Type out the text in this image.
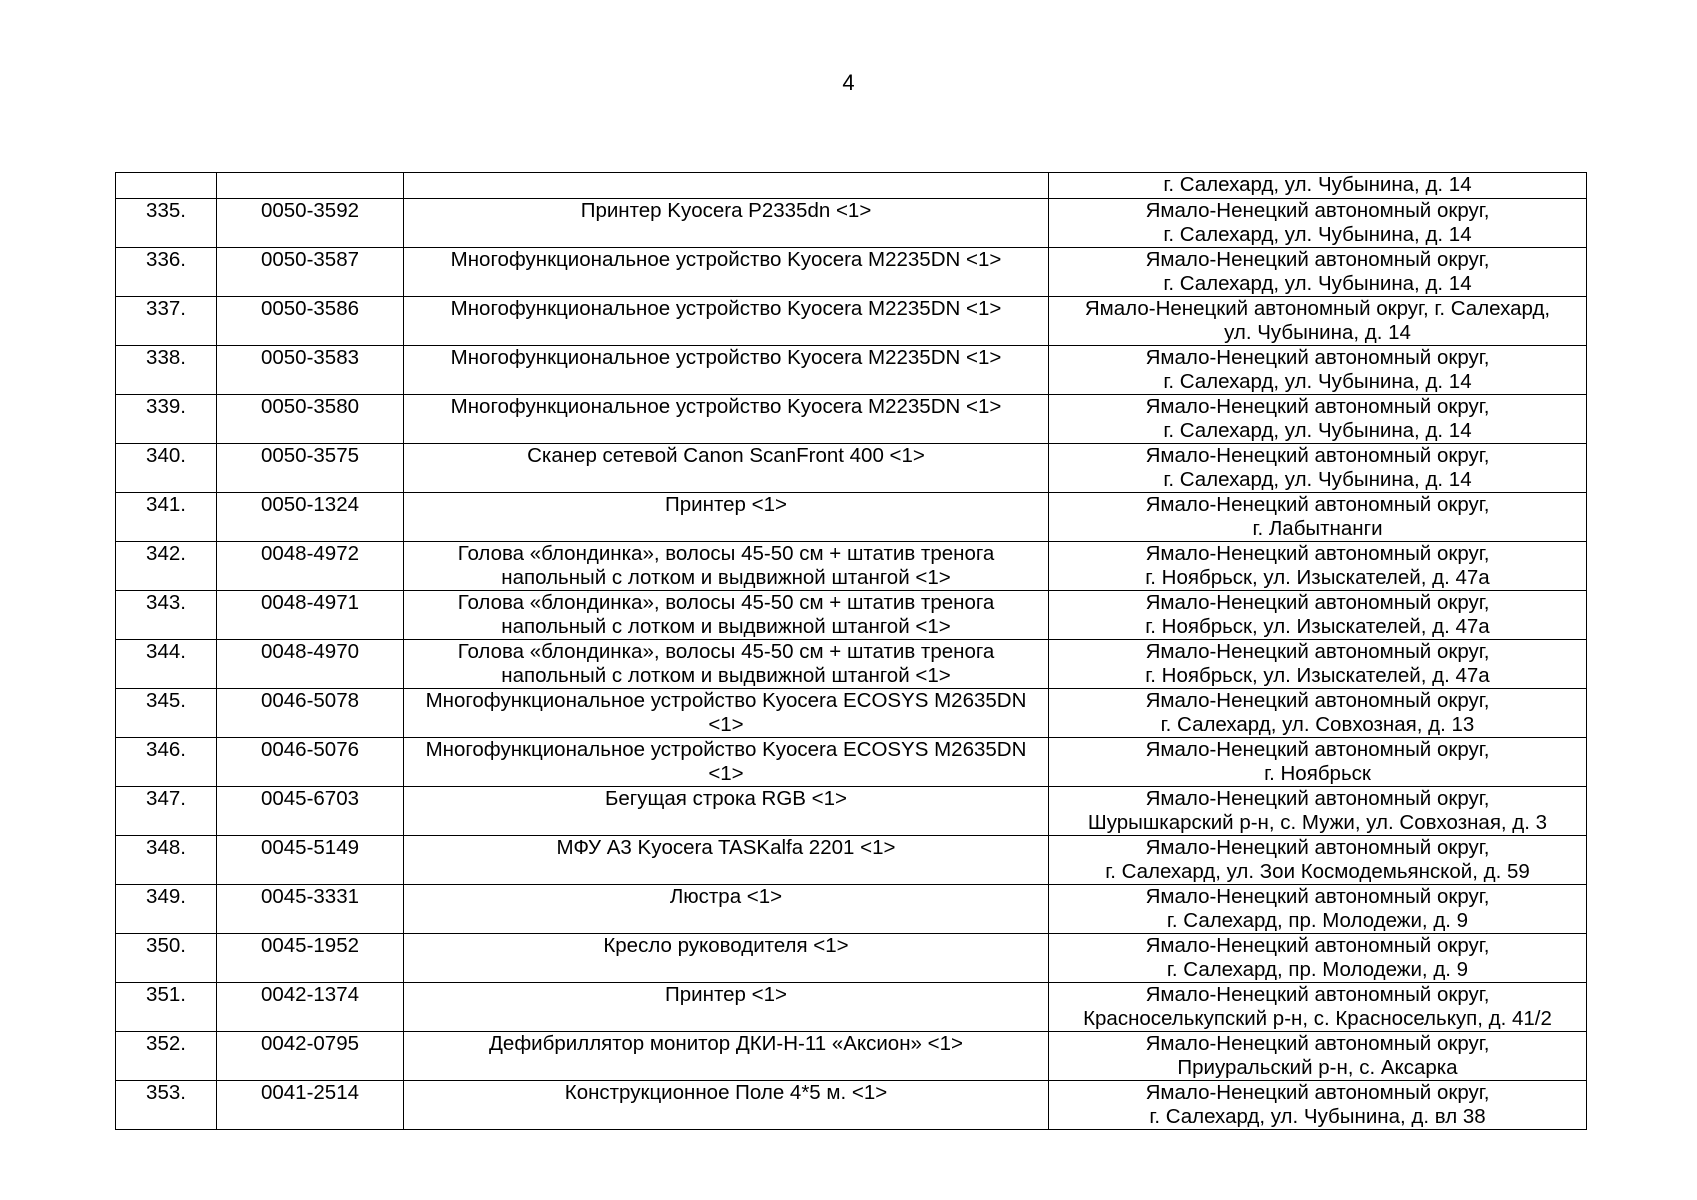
4
			г. Салехард, ул. Чубынина, д. 14
335.	0050-3592	Принтер Kyocera P2335dn <1>	Ямало-Ненецкий автономный округ,
г. Салехард, ул. Чубынина, д. 14

336.	0050-3587	Многофункциональное устройство Kyocera M2235DN <1>	Ямало-Ненецкий автономный округ,
г. Салехард, ул. Чубынина, д. 14

337.	0050-3586	Многофункциональное устройство Kyocera M2235DN <1>	Ямало-Ненецкий автономный округ, г. Салехард,
ул. Чубынина, д. 14

338.	0050-3583	Многофункциональное устройство Kyocera M2235DN <1>	Ямало-Ненецкий автономный округ,
г. Салехард, ул. Чубынина, д. 14

339.	0050-3580	Многофункциональное устройство Kyocera M2235DN <1>	Ямало-Ненецкий автономный округ,
г. Салехард, ул. Чубынина, д. 14

340.	0050-3575	Сканер сетевой Canon ScanFront 400 <1>	Ямало-Ненецкий автономный округ,
г. Салехард, ул. Чубынина, д. 14

341.	0050-1324	Принтер <1>	Ямало-Ненецкий автономный округ,
г. Лабытнанги

342.	0048-4972	Голова «блондинка», волосы 45-50 см + штатив тренога напольный с лотком и выдвижной штангой <1>	Ямало-Ненецкий автономный округ,
г. Ноябрьск, ул. Изыскателей, д. 47а

343.	0048-4971	Голова «блондинка», волосы 45-50 см + штатив тренога напольный с лотком и выдвижной штангой <1>	Ямало-Ненецкий автономный округ,
г. Ноябрьск, ул. Изыскателей, д. 47а

344.	0048-4970	Голова «блондинка», волосы 45-50 см + штатив тренога напольный с лотком и выдвижной штангой <1>	Ямало-Ненецкий автономный округ,
г. Ноябрьск, ул. Изыскателей, д. 47а

345.	0046-5078	Многофункциональное устройство Kyocera ECOSYS M2635DN <1>	Ямало-Ненецкий автономный округ,
г. Салехард, ул. Совхозная, д. 13

346.	0046-5076	Многофункциональное устройство Kyocera ECOSYS M2635DN <1>	Ямало-Ненецкий автономный округ,
г. Ноябрьск

347.	0045-6703	Бегущая строка RGB <1>	Ямало-Ненецкий автономный округ,
Шурышкарский р-н, с. Мужи, ул. Совхозная, д. 3

348.	0045-5149	МФУ А3 Kyocera TASKalfa 2201 <1>	Ямало-Ненецкий автономный округ,
г. Салехард, ул. Зои Космодемьянской, д. 59

349.	0045-3331	Люстра <1>	Ямало-Ненецкий автономный округ,
г. Салехард, пр. Молодежи, д. 9

350.	0045-1952	Кресло руководителя <1>	Ямало-Ненецкий автономный округ,
г. Салехард, пр. Молодежи, д. 9

351.	0042-1374	Принтер <1>	Ямало-Ненецкий автономный округ,
Красноселькупский р-н, с. Красноселькуп, д. 41/2

352.	0042-0795	Дефибриллятор монитор ДКИ-Н-11 «Аксион» <1>	Ямало-Ненецкий автономный округ,
Приуральский р-н, с. Аксарка

353.	0041-2514	Конструкционное Поле 4*5 м. <1>	Ямало-Ненецкий автономный округ,
г. Салехард, ул. Чубынина, д. вл 38
